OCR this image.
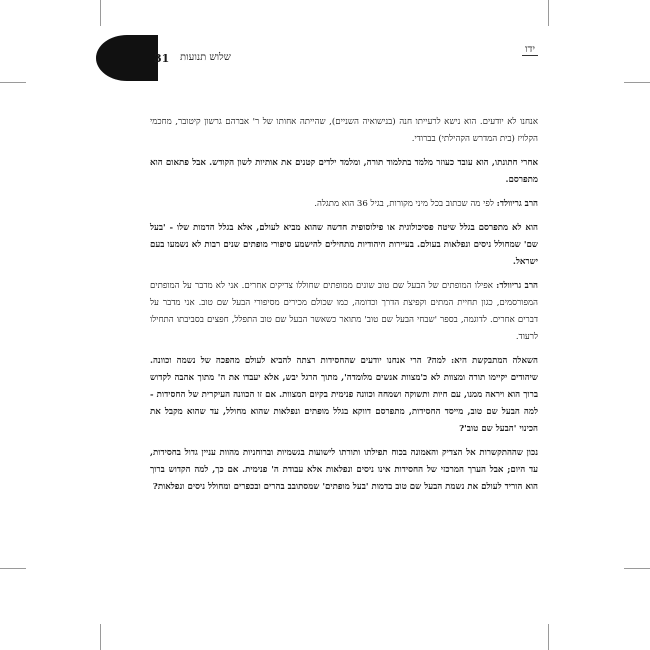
31 שלוש תנועות
ידו

אנחנו לא יודעים. הוא נישא לרעייתו חנה (בנישואיה השניים), שהייתה אחותו של ר' אברהם גרשון קיטובר, מחכמי הקלויז (בית המדרש הקהילתי) בברודי.

אחרי חתונתו, הוא עובד כעוזר מלמד בתלמוד תורה, ומלמד ילדים קטנים את אותיות לשון הקודש. אבל פתאום הוא מתפרסם.

הרב גריוולד: לפי מה שכתוב בכל מיני מקורות, בגיל 36 הוא מתגלה.

הוא לא מתפרסם בגלל שיטה פסיכולוגית או פילוסופית חדשה שהוא מביא לעולם, אלא בגלל הדמות שלו - 'בעל שם' שמחולל ניסים ונפלאות בעולם. בעיירות היהודיות מתחילים להישמע סיפורי מופתים שנים רבות לא נשמעו בעם ישראל.

הרב גריוולד: אפילו המופתים של הבעל שם טוב שונים ממופתים שחוללו צדיקים אחרים. אני לא מדבר על המופתים המפורסמים, כגון תחיית המתים וקפיצת הדרך וכדומה, כמו שכולם מכירים מסיפורי הבעל שם טוב. אני מדבר על דברים אחרים. לדוגמה, בספר 'שבחי הבעל שם טוב' מתואר כשאשר הבעל שם טוב התפלל, חפצים בסביבתו התחילו לרעוד.

השאלה המתבקשת היא: למה? הרי אנחנו יודעים שהחסידות רצתה להביא לעולם מהפכה של נשמה וכוונה. שיהודים יקיימו תורה ומצוות לא כ'מצוות אנשים מלומדה', מתוך הרגל יבש, אלא יעבדו את ה' מתוך אהבה לקדוש ברוך הוא ויראה ממנו, עם חיות ותשוקה ושמחה וכוונה פנימית בקיום המצוות. אם זו הכוונה העיקרית של החסידות - למה הבעל שם טוב, מייסד החסידות, מתפרסם דווקא בגלל מופתים ונפלאות שהוא מחולל, עד שהוא מקבל את הכינוי 'הבעל שם טוב'?

נכון שההתקשרות אל הצדיק והאמונה בכוח תפילתו ותורתו לישועות בגשמיות וברוחניות מהוות עניין גדול בחסידות, עד היום; אבל הערך המרכזי של החסידות אינו ניסים ונפלאות אלא עבודת ה' פנימית. אם כך, למה הקדוש ברוך הוא הוריד לעולם את נשמת הבעל שם טוב בדמות 'בעל מופתים' שמסתובב בהרים ובכפרים ומחולל ניסים ונפלאות?
